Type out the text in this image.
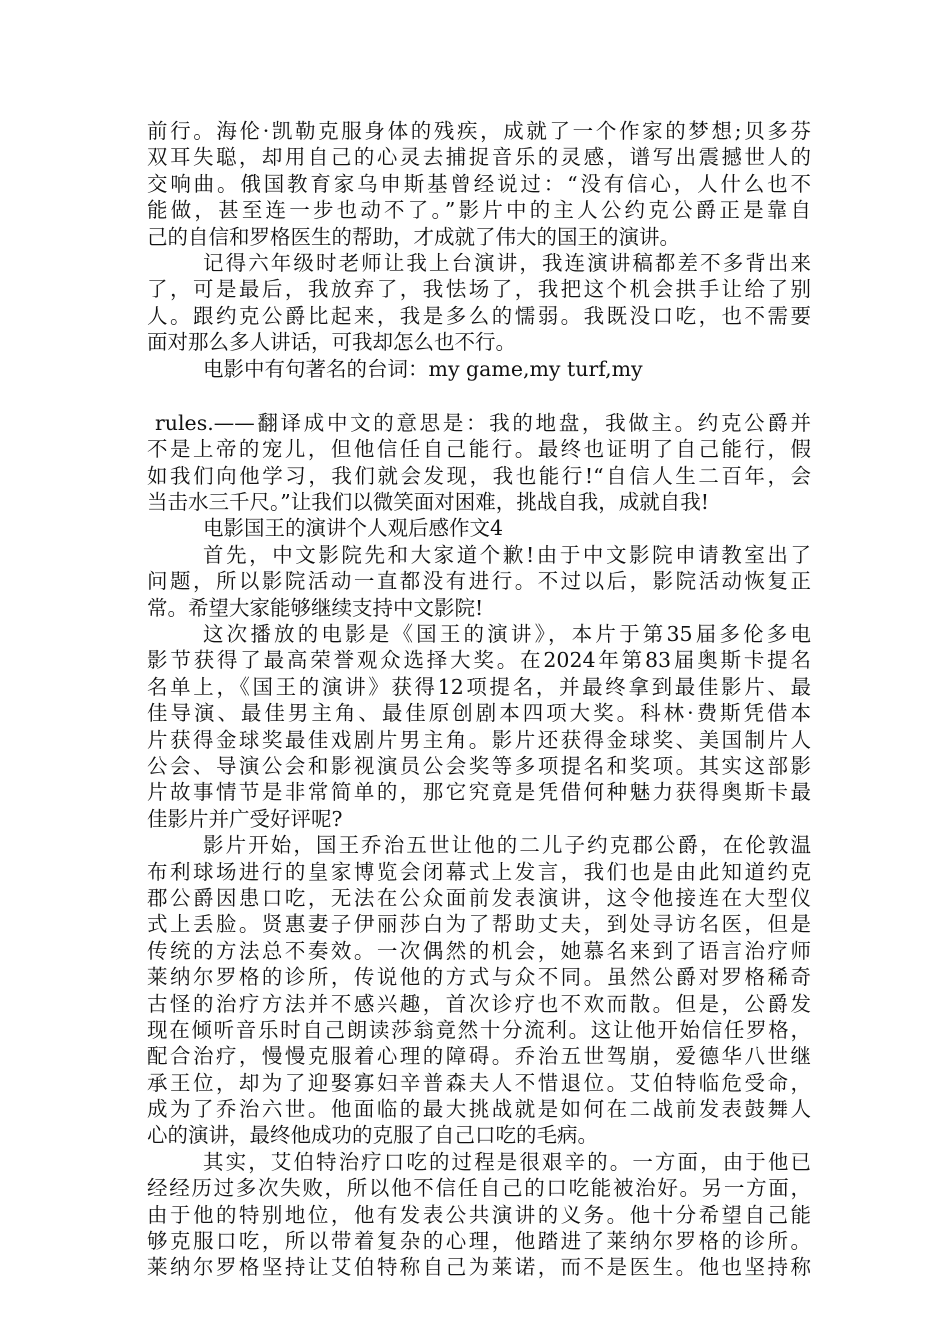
前行。海伦·凯勒克服身体的残疾，成就了一个作家的梦想;贝多芬
双耳失聪，却用自己的心灵去捕捉音乐的灵感，谱写出震撼世人的
交响曲。俄国教育家乌申斯基曾经说过：“没有信心，人什么也不
能做，甚至连一步也动不了。”影片中的主人公约克公爵正是靠自
己的自信和罗格医生的帮助，才成就了伟大的国王的演讲。
记得六年级时老师让我上台演讲，我连演讲稿都差不多背出来
了，可是最后，我放弃了，我怯场了，我把这个机会拱手让给了别
人。跟约克公爵比起来，我是多么的懦弱。我既没口吃，也不需要
面对那么多人讲话，可我却怎么也不行。
电影中有句著名的台词：my game,my turf,my
rules.——翻译成中文的意思是：我的地盘，我做主。约克公爵并
不是上帝的宠儿，但他信任自己能行。最终也证明了自己能行，假
如我们向他学习，我们就会发现，我也能行!“自信人生二百年，会
当击水三千尺。”让我们以微笑面对困难，挑战自我，成就自我!
电影国王的演讲个人观后感作文4
首先，中文影院先和大家道个歉!由于中文影院申请教室出了
问题，所以影院活动一直都没有进行。不过以后，影院活动恢复正
常。希望大家能够继续支持中文影院!
这次播放的电影是《国王的演讲》，本片于第35届多伦多电
影节获得了最高荣誉观众选择大奖。在2024年第83届奥斯卡提名
名单上，《国王的演讲》获得12项提名，并最终拿到最佳影片、最
佳导演、最佳男主角、最佳原创剧本四项大奖。科林·费斯凭借本
片获得金球奖最佳戏剧片男主角。影片还获得金球奖、美国制片人
公会、导演公会和影视演员公会奖等多项提名和奖项。其实这部影
片故事情节是非常简单的，那它究竟是凭借何种魅力获得奥斯卡最
佳影片并广受好评呢?
影片开始，国王乔治五世让他的二儿子约克郡公爵，在伦敦温
布利球场进行的皇家博览会闭幕式上发言，我们也是由此知道约克
郡公爵因患口吃，无法在公众面前发表演讲，这令他接连在大型仪
式上丢脸。贤惠妻子伊丽莎白为了帮助丈夫，到处寻访名医，但是
传统的方法总不奏效。一次偶然的机会，她慕名来到了语言治疗师
莱纳尔罗格的诊所，传说他的方式与众不同。虽然公爵对罗格稀奇
古怪的治疗方法并不感兴趣，首次诊疗也不欢而散。但是，公爵发
现在倾听音乐时自己朗读莎翁竟然十分流利。这让他开始信任罗格，
配合治疗，慢慢克服着心理的障碍。乔治五世驾崩，爱德华八世继
承王位，却为了迎娶寡妇辛普森夫人不惜退位。艾伯特临危受命，
成为了乔治六世。他面临的最大挑战就是如何在二战前发表鼓舞人
心的演讲，最终他成功的克服了自己口吃的毛病。
其实，艾伯特治疗口吃的过程是很艰辛的。一方面，由于他已
经经历过多次失败，所以他不信任自己的口吃能被治好。另一方面，
由于他的特别地位，他有发表公共演讲的义务。他十分希望自己能
够克服口吃，所以带着复杂的心理，他踏进了莱纳尔罗格的诊所。
莱纳尔罗格坚持让艾伯特称自己为莱诺，而不是医生。他也坚持称
